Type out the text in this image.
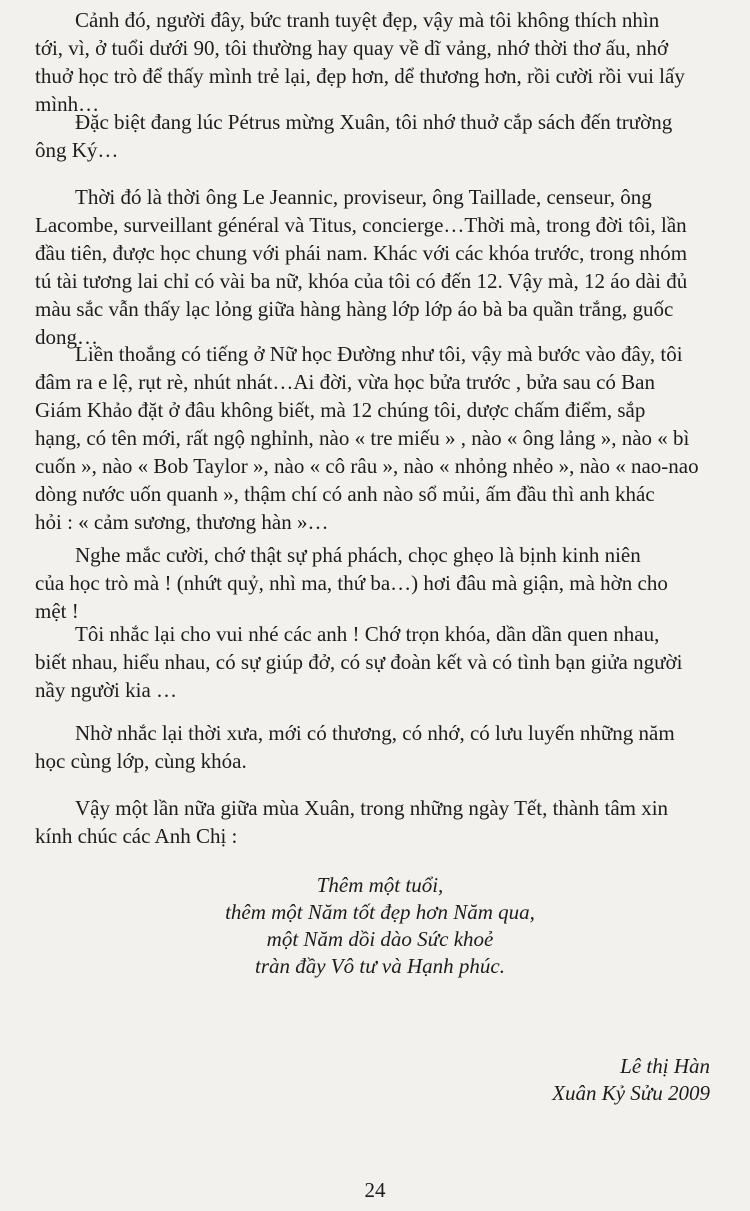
Cảnh đó, người đây, bức tranh tuyệt đẹp, vậy mà tôi không thích nhìn
tới, vì, ở tuổi dưới 90, tôi thường hay quay về dĩ vảng, nhớ thời thơ ấu, nhớ
thuở học trò để thấy mình trẻ lại, đẹp hơn, dể thương hơn, rồi cười rồi vui lấy
mình…

Đặc biệt đang lúc Pétrus mừng Xuân, tôi nhớ thuở cắp sách đến trường
ông Ký…

Thời đó là thời ông Le Jeannic, proviseur, ông Taillade, censeur, ông
Lacombe, surveillant général và Titus, concierge…Thời mà, trong đời tôi, lần
đầu tiên, được học chung với phái nam. Khác với các khóa trước, trong nhóm
tú tài tương lai chỉ có vài ba nữ, khóa của tôi có đến 12. Vậy mà, 12 áo dài đủ
màu sắc vẫn thấy lạc lỏng giữa hàng hàng lớp lớp áo bà ba quần trắng, guốc
dong…

Liền thoắng có tiếng ở Nữ học Đường như tôi, vậy mà bước vào đây, tôi
đâm ra e lệ, rụt rè, nhút nhát…Ai đời, vừa học bửa trước , bửa sau có Ban
Giám Khảo đặt ở đâu không biết, mà 12 chúng tôi, dược chấm điểm, sắp
hạng, có tên mới, rất ngộ nghỉnh, nào « tre miếu » , nào « ông lảng », nào « bì
cuốn », nào « Bob Taylor », nào « cô râu », nào « nhỏng nhẻo », nào « nao-nao
dòng nước uốn quanh », thậm chí có anh nào sổ mủi, ấm đầu thì anh khác
hỏi : « cảm sương, thương hàn »…

Nghe mắc cười, chớ thật sự phá phách, chọc ghẹo là bịnh kinh niên
của học trò mà ! (nhứt quỷ, nhì ma, thứ ba…) hơi đâu mà giận, mà hờn cho
mệt !

Tôi nhắc lại cho vui nhé các anh ! Chớ trọn khóa, dần dần quen nhau,
biết nhau, hiểu nhau, có sự giúp đở, có sự đoàn kết và có tình bạn giửa người
nầy người kia …

Nhờ nhắc lại thời xưa, mới có thương, có nhớ, có lưu luyến những năm
học cùng lớp, cùng khóa.

Vậy một lần nữa giữa mùa Xuân, trong những ngày Tết, thành tâm xin
kính chúc các Anh Chị :

Thêm một tuổi,
thêm một Năm tốt đẹp hơn Năm qua,
một Năm dồi dào Sức khoẻ
tràn đầy Vô tư và Hạnh phúc.

Lê thị Hàn
Xuân Kỷ Sửu 2009
24
